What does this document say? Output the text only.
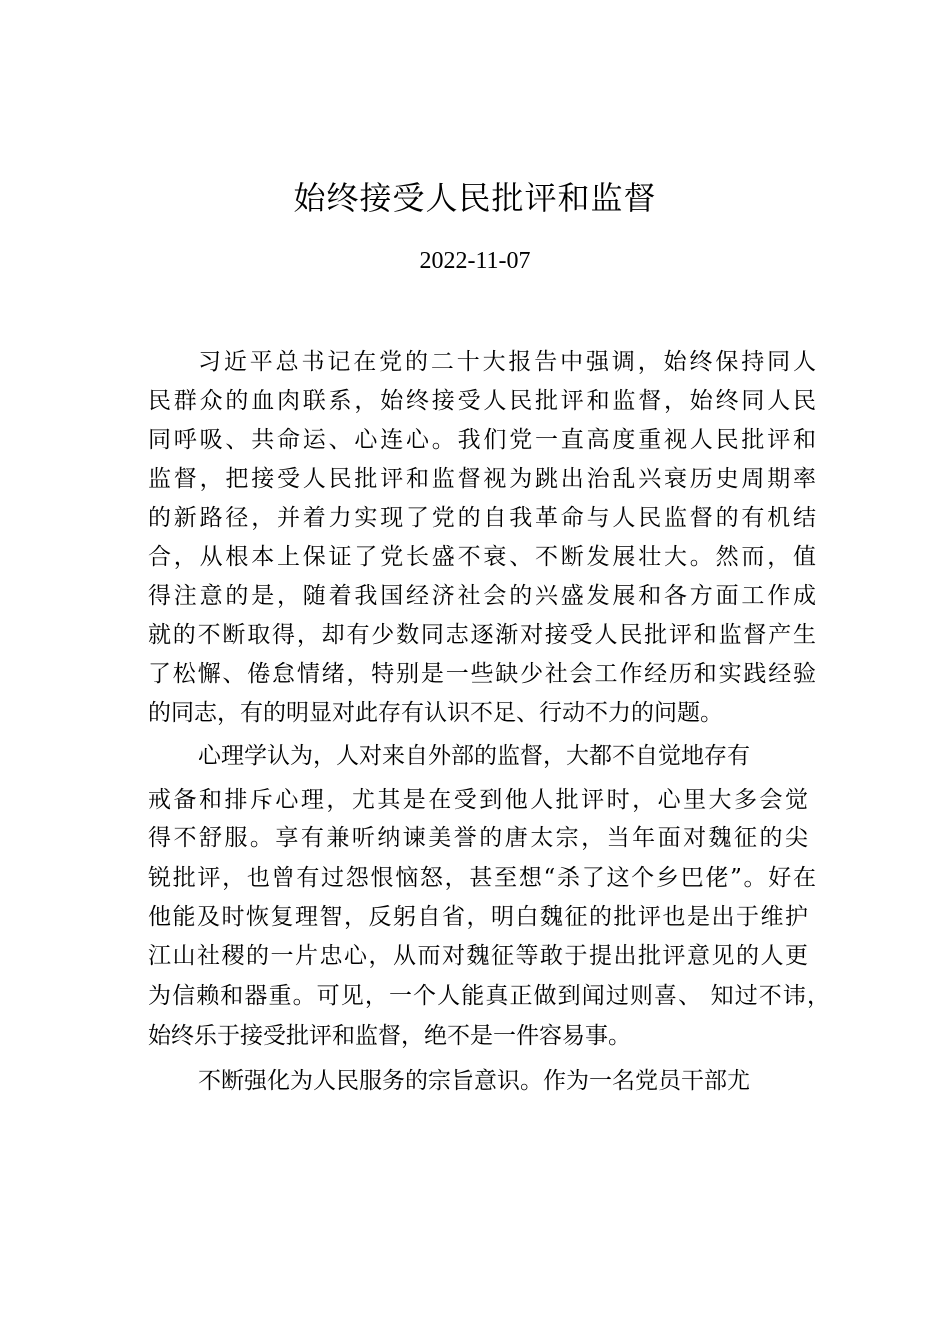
始终接受人民批评和监督
2022-11-07
习近平总书记在党的二十大报告中强调，始终保持同人
民群众的血肉联系，始终接受人民批评和监督，始终同人民
同呼吸、共命运、心连心。我们党一直高度重视人民批评和
监督，把接受人民批评和监督视为跳出治乱兴衰历史周期率
的新路径，并着力实现了党的自我革命与人民监督的有机结
合，从根本上保证了党长盛不衰、不断发展壮大。然而，值
得注意的是，随着我国经济社会的兴盛发展和各方面工作成
就的不断取得，却有少数同志逐渐对接受人民批评和监督产生
了松懈、倦怠情绪，特别是一些缺少社会工作经历和实践经验
的同志，有的明显对此存有认识不足、行动不力的问题。
心理学认为，人对来自外部的监督，大都不自觉地存有
戒备和排斥心理，尤其是在受到他人批评时，心里大多会觉
得不舒服。享有兼听纳谏美誉的唐太宗，当年面对魏征的尖
锐批评，也曾有过怨恨恼怒，甚至想“杀了这个乡巴佬”。好在
他能及时恢复理智，反躬自省，明白魏征的批评也是出于维护
江山社稷的一片忠心，从而对魏征等敢于提出批评意见的人更
为信赖和器重。可见，一个人能真正做到闻过则喜、 知过不讳，
始终乐于接受批评和监督，绝不是一件容易事。
不断强化为人民服务的宗旨意识。作为一名党员干部尤
